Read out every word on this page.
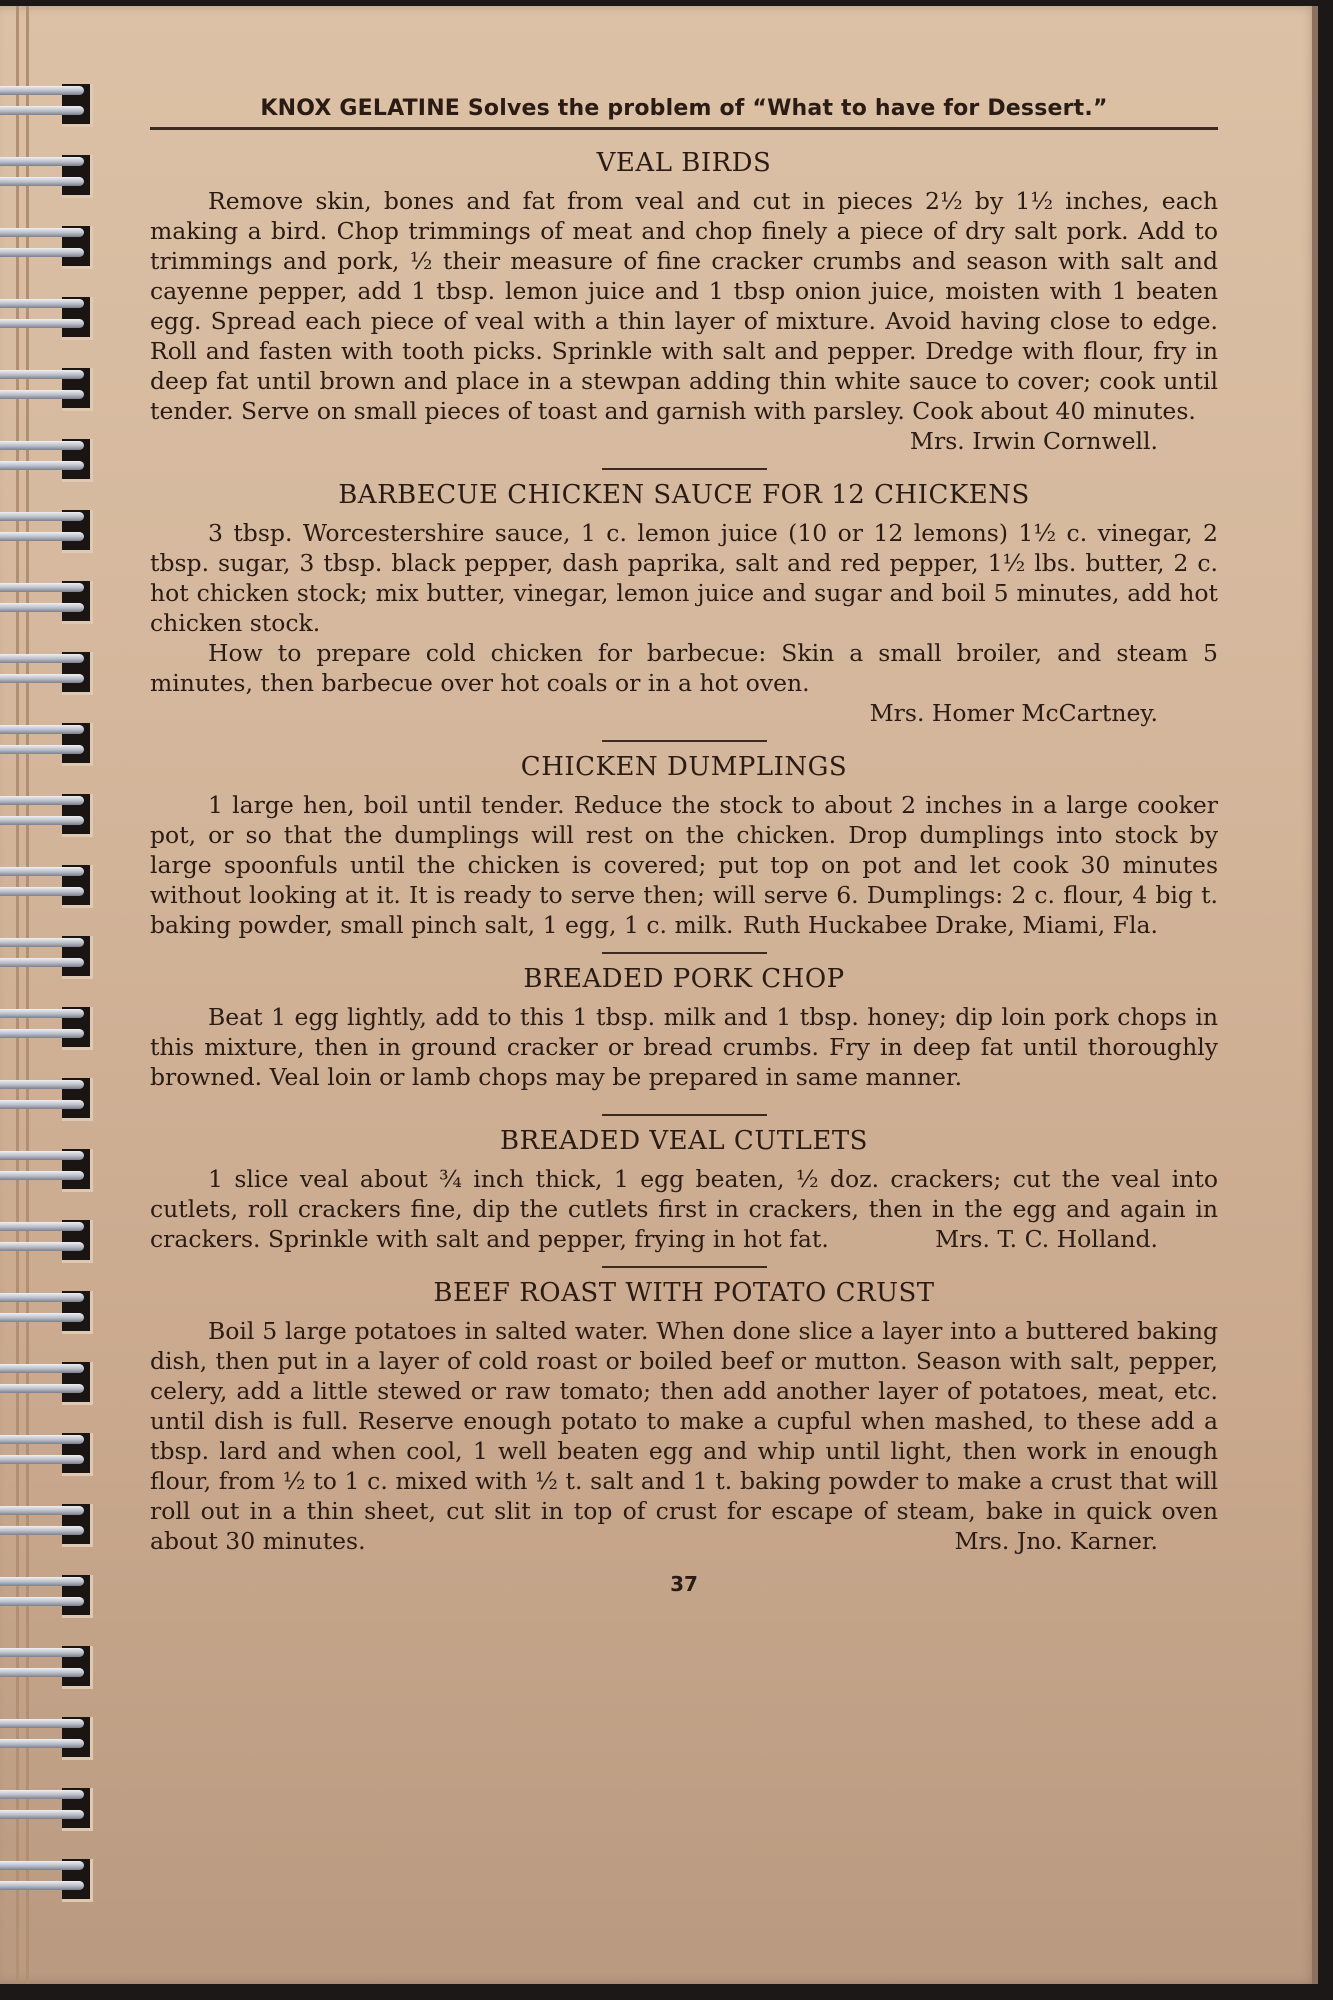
KNOX GELATINE Solves the problem of “What to have for Dessert.”
VEAL BIRDS

Remove skin, bones and fat from veal and cut in pieces 2½ by 1½ inches, each making a bird. Chop trimmings of meat and chop finely a piece of dry salt pork. Add to trimmings and pork, ½ their measure of fine cracker crumbs and season with salt and cayenne pepper, add 1 tbsp. lemon juice and 1 tbsp onion juice, moisten with 1 beaten egg. Spread each piece of veal with a thin layer of mixture. Avoid having close to edge. Roll and fasten with tooth picks. Sprinkle with salt and pepper. Dredge with flour, fry in deep fat until brown and place in a stewpan adding thin white sauce to cover; cook until tender. Serve on small pieces of toast and garnish with parsley. Cook about 40 minutes.

Mrs. Irwin Cornwell.

BARBECUE CHICKEN SAUCE FOR 12 CHICKENS

3 tbsp. Worcestershire sauce, 1 c. lemon juice (10 or 12 lemons) 1½ c. vinegar, 2 tbsp. sugar, 3 tbsp. black pepper, dash paprika, salt and red pepper, 1½ lbs. butter, 2 c. hot chicken stock; mix butter, vinegar, lemon juice and sugar and boil 5 minutes, add hot chicken stock.

How to prepare cold chicken for barbecue: Skin a small broiler, and steam 5 minutes, then barbecue over hot coals or in a hot oven.

Mrs. Homer McCartney.

CHICKEN DUMPLINGS

1 large hen, boil until tender. Reduce the stock to about 2 inches in a large cooker pot, or so that the dumplings will rest on the chicken. Drop dumplings into stock by large spoonfuls until the chicken is covered; put top on pot and let cook 30 minutes without looking at it. It is ready to serve then; will serve 6. Dumplings: 2 c. flour, 4 big t. baking powder, small pinch salt, 1 egg, 1 c. milk. Ruth Huckabee Drake, Miami, Fla.

BREADED PORK CHOP

Beat 1 egg lightly, add to this 1 tbsp. milk and 1 tbsp. honey; dip loin pork chops in this mixture, then in ground cracker or bread crumbs. Fry in deep fat until thoroughly browned. Veal loin or lamb chops may be prepared in same manner.

BREADED VEAL CUTLETS

1 slice veal about ¾ inch thick, 1 egg beaten, ½ doz. crackers; cut the veal into cutlets, roll crackers fine, dip the cutlets first in crackers, then in the egg and again in crackers. Sprinkle with salt and pepper, frying in hot fat.	Mrs. T. C. Holland.

BEEF ROAST WITH POTATO CRUST

Boil 5 large potatoes in salted water. When done slice a layer into a buttered baking dish, then put in a layer of cold roast or boiled beef or mutton. Season with salt, pepper, celery, add a little stewed or raw tomato; then add another layer of potatoes, meat, etc. until dish is full. Reserve enough potato to make a cupful when mashed, to these add a tbsp. lard and when cool, 1 well beaten egg and whip until light, then work in enough flour, from ½ to 1 c. mixed with ½ t. salt and 1 t. baking powder to make a crust that will roll out in a thin sheet, cut slit in top of crust for escape of steam, bake in quick oven about 30 minutes.	Mrs. Jno. Karner.

37
